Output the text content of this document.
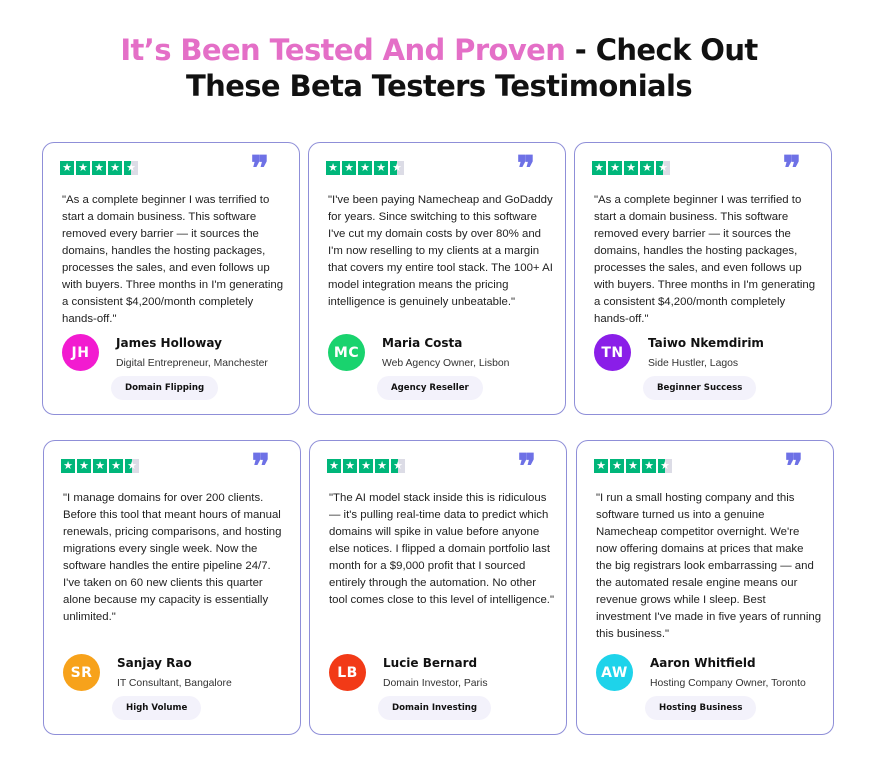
It’s Been Tested And Proven - Check Out
These Beta Testers Testimonials
★ ★ ★ ★ ★	❞
"As a complete beginner I was terrified to start a domain business. This software removed every barrier — it sources the domains, handles the hosting packages, processes the sales, and even follows up with buyers. Three months in I'm generating a consistent $4,200/month completely hands-off."
JH
James Holloway
Digital Entrepreneur, Manchester
Domain Flipping
★ ★ ★ ★ ★	❞
"I've been paying Namecheap and GoDaddy for years. Since switching to this software I've cut my domain costs by over 80% and I'm now reselling to my clients at a margin that covers my entire tool stack. The 100+ AI model integration means the pricing intelligence is genuinely unbeatable."
MC
Maria Costa
Web Agency Owner, Lisbon
Agency Reseller
★ ★ ★ ★ ★	❞
"As a complete beginner I was terrified to start a domain business. This software removed every barrier — it sources the domains, handles the hosting packages, processes the sales, and even follows up with buyers. Three months in I'm generating a consistent $4,200/month completely hands-off."
TN
Taiwo Nkemdirim
Side Hustler, Lagos
Beginner Success
★ ★ ★ ★ ★	❞
"I manage domains for over 200 clients. Before this tool that meant hours of manual renewals, pricing comparisons, and hosting migrations every single week. Now the software handles the entire pipeline 24/7. I've taken on 60 new clients this quarter alone because my capacity is essentially unlimited."
SR
Sanjay Rao
IT Consultant, Bangalore
High Volume
★ ★ ★ ★ ★	❞
"The AI model stack inside this is ridiculous — it's pulling real-time data to predict which domains will spike in value before anyone else notices. I flipped a domain portfolio last month for a $9,000 profit that I sourced entirely through the automation. No other tool comes close to this level of intelligence."
LB
Lucie Bernard
Domain Investor, Paris
Domain Investing
★ ★ ★ ★ ★	❞
"I run a small hosting company and this software turned us into a genuine Namecheap competitor overnight. We're now offering domains at prices that make the big registrars look embarrassing — and the automated resale engine means our revenue grows while I sleep. Best investment I've made in five years of running this business."
AW
Aaron Whitfield
Hosting Company Owner, Toronto
Hosting Business
